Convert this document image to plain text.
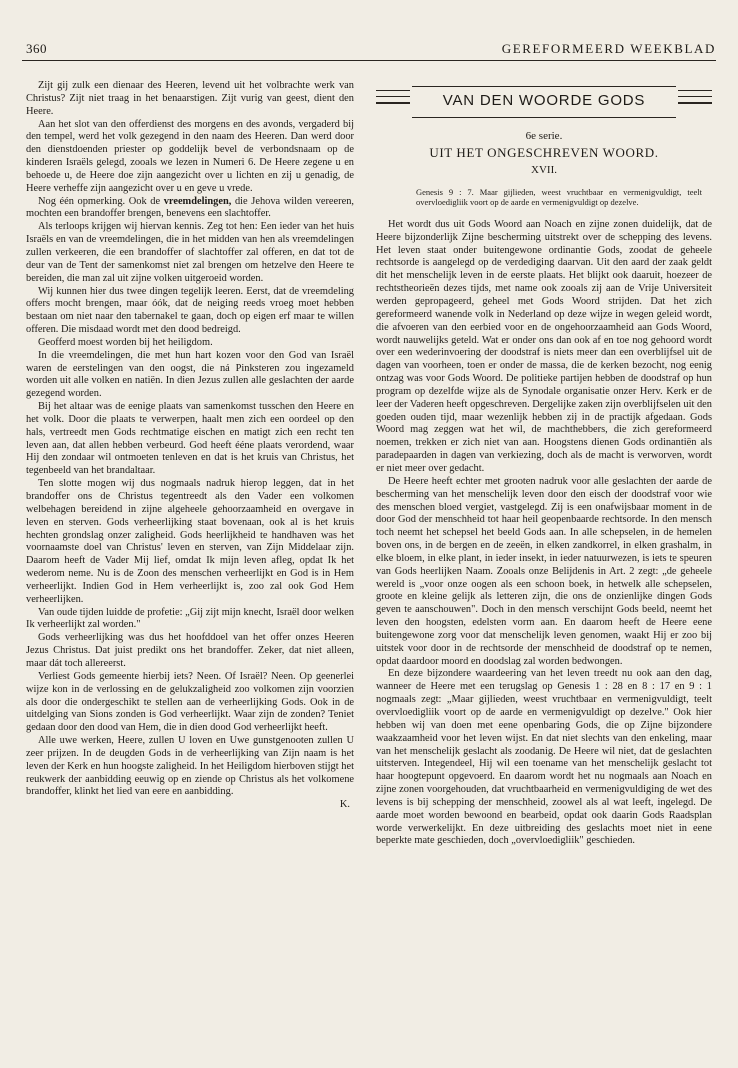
360	GEREFORMEERD WEEKBLAD

Zijt gij zulk een dienaar des Heeren, levend uit het volbrachte werk van Christus? Zijt niet traag in het benaarstigen. Zijt vurig van geest, dient den Heere.

Aan het slot van den offerdienst des morgens en des avonds, vergaderd bij den tempel, werd het volk gezegend in den naam des Heeren. Dan werd door den dienstdoenden priester op goddelijk bevel de verbondsnaam op de kinderen Israëls gelegd, zooals we lezen in Numeri 6. De Heere zegene u en behoede u, de Heere doe zijn aangezicht over u lichten en zij u genadig, de Heere verheffe zijn aangezicht over u en geve u vrede.

Nog één opmerking. Ook de vreemdelingen, die Jehova wilden vereeren, mochten een brandoffer brengen, benevens een slachtoffer.

Als terloops krijgen wij hiervan kennis. Zeg tot hen: Een ieder van het huis Israëls en van de vreemdelingen, die in het midden van hen als vreemdelingen zullen verkeeren, die een brandoffer of slachtoffer zal offeren, en dat tot de deur van de Tent der samenkomst niet zal brengen om hetzelve den Heere te bereiden, die man zal uit zijne volken uitgeroeid worden.

Wij kunnen hier dus twee dingen tegelijk leeren. Eerst, dat de vreemdeling offers mocht brengen, maar óók, dat de neiging reeds vroeg moet hebben bestaan om niet naar den tabernakel te gaan, doch op eigen erf maar te willen offeren. Die misdaad wordt met den dood bedreigd.

Geofferd moest worden bij het heiligdom.

In die vreemdelingen, die met hun hart kozen voor den God van Israël waren de eerstelingen van den oogst, die ná Pinksteren zou ingezameld worden uit alle volken en natiën. In dien Jezus zullen alle geslachten der aarde gezegend worden.

Bij het altaar was de eenige plaats van samenkomst tusschen den Heere en het volk. Door die plaats te verwerpen, haalt men zich een oordeel op den hals, vertreedt men Gods rechtmatige eischen en matigt zich een recht ten leven aan, dat allen hebben verbeurd. God heeft ééne plaats verordend, waar Hij den zondaar wil ontmoeten tenleven en dat is het kruis van Christus, het tegenbeeld van het brandaltaar.

Ten slotte mogen wij dus nogmaals nadruk hierop leggen, dat in het brandoffer ons de Christus tegentreedt als den Vader een volkomen welbehagen bereidend in zijne algeheele gehoorzaamheid en overgave in leven en sterven. Gods verheerlijking staat bovenaan, ook al is het kruis hechten grondslag onzer zaligheid. Gods heerlijkheid te handhaven was het voornaamste doel van Christus' leven en sterven, van Zijn Middelaar zijn. Daarom heeft de Vader Mij lief, omdat Ik mijn leven afleg, opdat Ik het wederom neme. Nu is de Zoon des menschen verheerlijkt en God is in Hem verheerlijkt. Indien God in Hem verheerlijkt is, zoo zal ook God Hem verheerlijken.

Van oude tijden luidde de profetie: „Gij zijt mijn knecht, Israël door welken Ik verheerlijkt zal worden."

Gods verheerlijking was dus het hoofddoel van het offer onzes Heeren Jezus Christus. Dat juist predikt ons het brandoffer. Zeker, dat niet alleen, maar dát toch allereerst.

Verliest Gods gemeente hierbij iets? Neen. Of Israël? Neen. Op geenerlei wijze kon in de verlossing en de gelukzaligheid zoo volkomen zijn voorzien als door die ondergeschikt te stellen aan de verheerlijking Gods. Ook in de uitdelging van Sions zonden is God verheerlijkt. Waar zijn de zonden? Teniet gedaan door den dood van Hem, die in dien dood God verheerlijkt heeft.

Alle uwe werken, Heere, zullen U loven en Uwe gunstgenooten zullen U zeer prijzen. In de deugden Gods in de verheerlijking van Zijn naam is het leven der Kerk en hun hoogste zaligheid. In het Heiligdom hierboven stijgt het reukwerk der aanbidding eeuwig op en ziende op Christus als het volkomene brandoffer, klinkt het lied van eere en aanbidding.

K.
VAN DEN WOORDE GODS
6e serie.
UIT HET ONGESCHREVEN WOORD.
XVII.
Genesis 9 : 7. Maar gijlieden, weest vruchtbaar en vermenigvuldigt, teelt overvloedigliik voort op de aarde en vermenigvuldigt op dezelve.

Het wordt dus uit Gods Woord aan Noach en zijne zonen duidelijk, dat de Heere bijzonderlijk Zijne bescherming uitstrekt over de schepping des levens. Het leven staat onder buitengewone ordinantie Gods, zoodat de geheele rechtsorde is aangelegd op de verdediging daarvan. Uit den aard der zaak geldt dit het menschelijk leven in de eerste plaats. Het blijkt ook daaruit, hoezeer de rechtstheorieën dezes tijds, met name ook zooals zij aan de Vrije Universiteit werden gepropageerd, geheel met Gods Woord strijden. Dat het zich gereformeerd wanende volk in Nederland op deze wijze in wegen geleid wordt, die afvoeren van den eerbied voor en de ongehoorzaamheid aan Gods Woord, wordt nauwelijks geteld. Wat er onder ons dan ook af en toe nog gehoord wordt over een wederinvoering der doodstraf is niets meer dan een overblijfsel uit de dagen van voorheen, toen er onder de massa, die de kerken bezocht, nog eenig ontzag was voor Gods Woord. De politieke partijen hebben de doodstraf op hun program op dezelfde wijze als de Synodale organisatie onzer Herv. Kerk er de leer der Vaderen heeft opgeschreven. Dergelijke zaken zijn overblijfselen uit den goeden ouden tijd, maar wezenlijk hebben zij in de practijk afgedaan. Gods Woord mag zeggen wat het wil, de machthebbers, die zich gereformeerd noemen, trekken er zich niet van aan. Hoogstens dienen Gods ordinantiën als paradepaarden in dagen van verkiezing, doch als de macht is verworven, wordt er niet meer over gedacht.

De Heere heeft echter met grooten nadruk voor alle geslachten der aarde de bescherming van het menschelijk leven door den eisch der doodstraf voor wie des menschen bloed vergiet, vastgelegd. Zij is een onafwijsbaar moment in de door God der menschheid tot haar heil geopenbaarde rechtsorde. In den mensch toch neemt het schepsel het beeld Gods aan. In alle schepselen, in de hemelen boven ons, in de bergen en de zeeën, in elken zandkorrel, in elken grashalm, in elke bloem, in elke plant, in ieder insekt, in ieder natuurwezen, is iets te speuren van Gods heerlijken Naam. Zooals onze Belijdenis in Art. 2 zegt: „de geheele wereld is „voor onze oogen als een schoon boek, in hetwelk alle schepselen, groote en kleine gelijk als letteren zijn, die ons de onzienlijke dingen Gods geven te aanschouwen". Doch in den mensch verschijnt Gods beeld, neemt het leven den hoogsten, edelsten vorm aan. En daarom heeft de Heere eene buitengewone zorg voor dat menschelijk leven genomen, waakt Hij er zoo bij uitstek voor door in de rechtsorde der menschheid de doodstraf op te nemen, opdat daardoor moord en doodslag zal worden bedwongen.

En deze bijzondere waardeering van het leven treedt nu ook aan den dag, wanneer de Heere met een terugslag op Genesis 1 : 28 en 8 : 17 en 9 : 1 nogmaals zegt: „Maar gijlieden, weest vruchtbaar en vermenigvuldigt, teelt overvloedigliik voort op de aarde en vermenigvuldigt op dezelve." Ook hier hebben wij van doen met eene openbaring Gods, die op Zijne bijzondere waakzaamheid voor het leven wijst. En dat niet slechts van den enkeling, maar van het menschelijk geslacht als zoodanig. De Heere wil niet, dat de geslachten uitsterven. Integendeel, Hij wil een toename van het menschelijk geslacht tot haar hoogtepunt opgevoerd. En daarom wordt het nu nogmaals aan Noach en zijne zonen voorgehouden, dat vruchtbaarheid en vermenigvuldiging de wet des levens is bij schepping der menschheid, zoowel als al wat leeft, ingelegd. De aarde moet worden bewoond en bearbeid, opdat ook daarin Gods Raadsplan worde verwerkelijkt. En deze uitbreiding des geslachts moet niet in eene beperkte mate geschieden, doch „overvloedigliik" geschieden.
